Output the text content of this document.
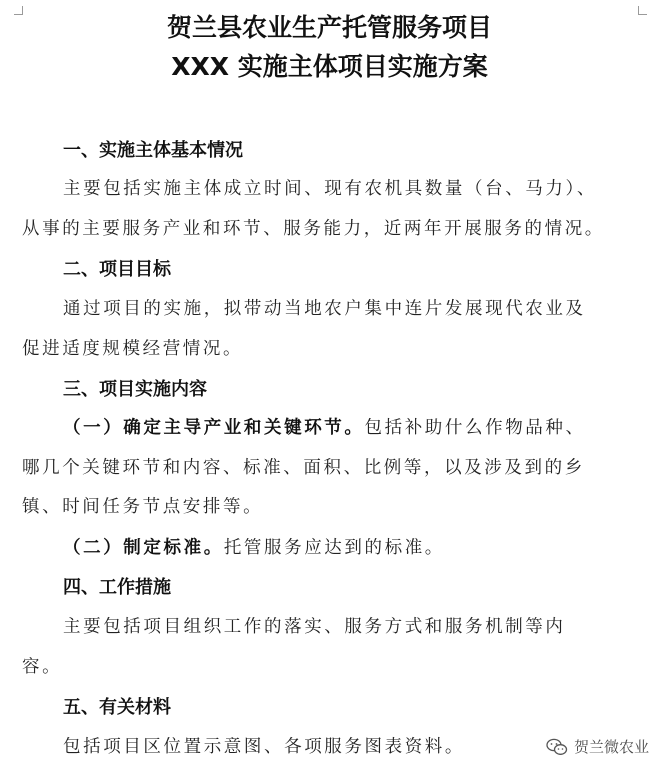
贺兰县农业生产托管服务项目
XXX 实施主体项目实施方案
一、实施主体基本情况
主要包括实施主体成立时间、现有农机具数量（台、马力）、
从事的主要服务产业和环节、服务能力，近两年开展服务的情况。
二、项目目标
通过项目的实施，拟带动当地农户集中连片发展现代农业及
促进适度规模经营情况。
三、项目实施内容
（一）确定主导产业和关键环节。包括补助什么作物品种、
哪几个关键环节和内容、标准、面积、比例等，以及涉及到的乡
镇、时间任务节点安排等。
（二）制定标准。托管服务应达到的标准。
四、工作措施
主要包括项目组织工作的落实、服务方式和服务机制等内
容。
五、有关材料
包括项目区位置示意图、各项服务图表资料。	贺兰微农业
